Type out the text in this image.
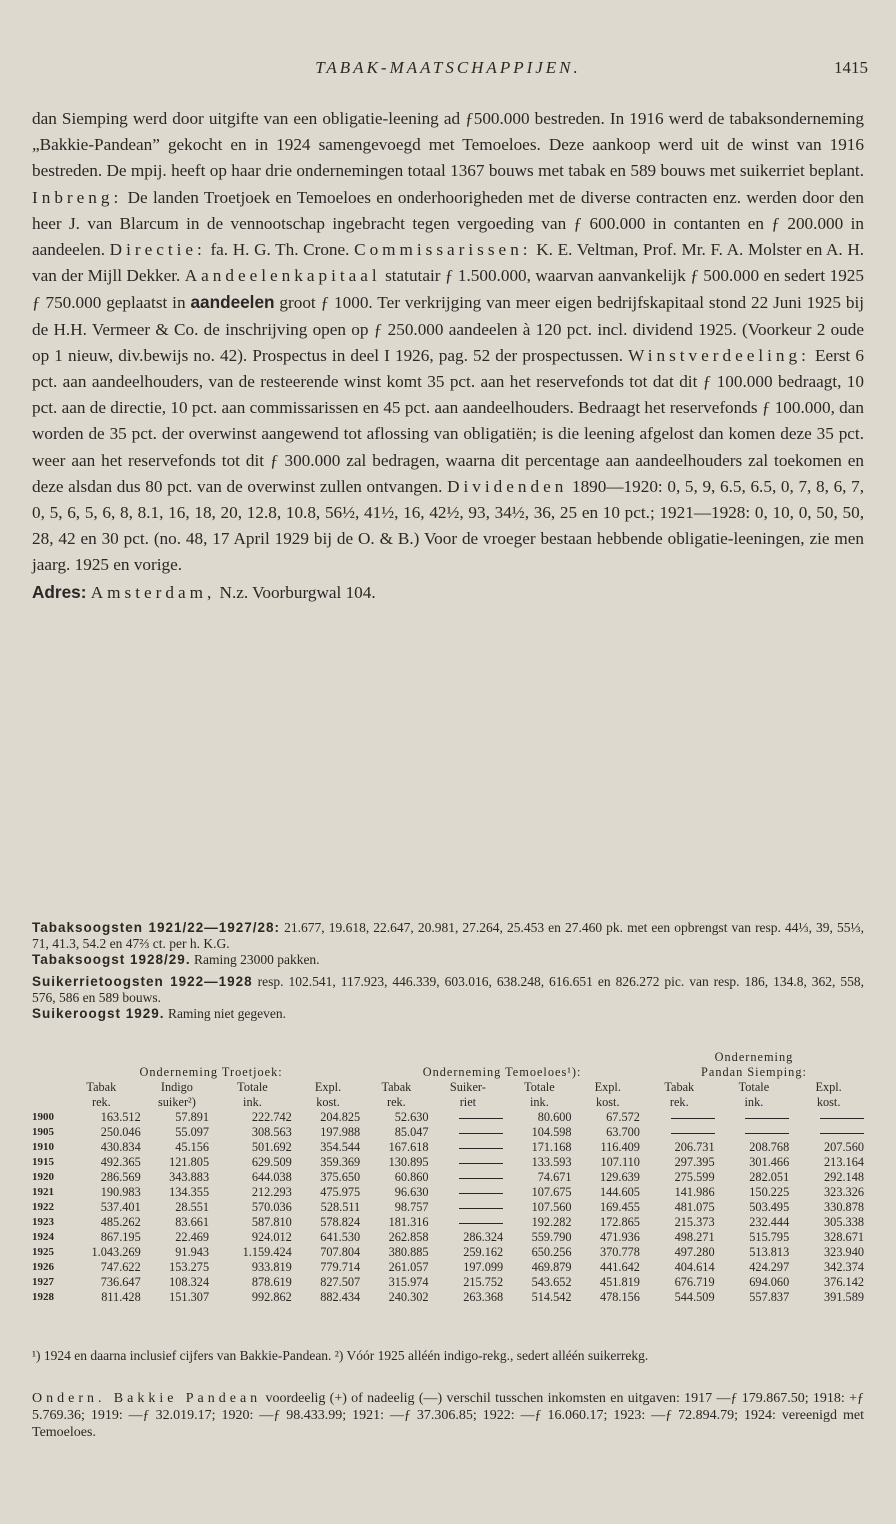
TABAK-MAATSCHAPPIJEN.	1415

dan Siemping werd door uitgifte van een obligatie-leening ad ƒ500.000 bestreden. In 1916 werd de tabaksonderneming „Bakkie-Pandean” gekocht en in 1924 samengevoegd met Temoeloes. Deze aankoop werd uit de winst van 1916 bestreden. De mpij. heeft op haar drie ondernemingen totaal 1367 bouws met tabak en 589 bouws met suikerriet beplant. Inbreng: De landen Troetjoek en Temoeloes en onderhoorigheden met de diverse contracten enz. werden door den heer J. van Blarcum in de vennootschap ingebracht tegen vergoeding van ƒ 600.000 in contanten en ƒ 200.000 in aandeelen. Directie: fa. H. G. Th. Crone. Commissarissen: K. E. Veltman, Prof. Mr. F. A. Molster en A. H. van der Mijll Dekker. Aandeelenkapitaal statutair ƒ 1.500.000, waarvan aanvankelijk ƒ 500.000 en sedert 1925 ƒ 750.000 geplaatst in aandeelen groot ƒ 1000. Ter verkrijging van meer eigen bedrijfskapitaal stond 22 Juni 1925 bij de H.H. Vermeer & Co. de inschrijving open op ƒ 250.000 aandeelen à 120 pct. incl. dividend 1925. (Voorkeur 2 oude op 1 nieuw, div.bewijs no. 42). Prospectus in deel I 1926, pag. 52 der prospectussen. Winstverdeeling: Eerst 6 pct. aan aandeelhouders, van de resteerende winst komt 35 pct. aan het reservefonds tot dat dit ƒ 100.000 bedraagt, 10 pct. aan de directie, 10 pct. aan commissarissen en 45 pct. aan aandeelhouders. Bedraagt het reservefonds ƒ 100.000, dan worden de 35 pct. der overwinst aangewend tot aflossing van obligatiën; is die leening afgelost dan komen deze 35 pct. weer aan het reservefonds tot dit ƒ 300.000 zal bedragen, waarna dit percentage aan aandeelhouders zal toekomen en deze alsdan dus 80 pct. van de overwinst zullen ontvangen. Dividenden 1890—1920: 0, 5, 9, 6.5, 6.5, 0, 7, 8, 6, 7, 0, 5, 6, 5, 6, 8, 8.1, 16, 18, 20, 12.8, 10.8, 56½, 41½, 16, 42½, 93, 34½, 36, 25 en 10 pct.; 1921—1928: 0, 10, 0, 50, 50, 28, 42 en 30 pct. (no. 48, 17 April 1929 bij de O. & B.) Voor de vroeger bestaan hebbende obligatie-leeningen, zie men jaarg. 1925 en vorige.

Adres: Amsterdam, N.z. Voorburgwal 104.

Tabaksoogsten 1921/22—1927/28: 21.677, 19.618, 22.647, 20.981, 27.264, 25.453 en 27.460 pk. met een opbrengst van resp. 44⅓, 39, 55⅓, 71, 41.3, 54.2 en 47⅔ ct. per h. K.G.
Tabaksoogst 1928/29. Raming 23000 pakken.

Suikerrietoogsten 1922—1928 resp. 102.541, 117.923, 446.339, 603.016, 638.248, 616.651 en 826.272 pic. van resp. 186, 134.8, 362, 558, 576, 586 en 589 bouws.
Suikeroogst 1929. Raming niet gegeven.

									Onderneming		
	Onderneming Troetjoek:				Onderneming Temoeloes¹):				Pandan Siemping:		
	Tabak	Indigo	Totale	Expl.	Tabak	Suiker-	Totale	Expl.	Tabak	Totale	Expl.
	rek.	suiker²)	ink.	kost.	rek.	riet	ink.	kost.	rek.	ink.	kost.
1900	163.512	57.891	222.742	204.825	52.630		80.600	67.572			
1905	250.046	55.097	308.563	197.988	85.047		104.598	63.700			
1910	430.834	45.156	501.692	354.544	167.618		171.168	116.409	206.731	208.768	207.560
1915	492.365	121.805	629.509	359.369	130.895		133.593	107.110	297.395	301.466	213.164
1920	286.569	343.883	644.038	375.650	60.860		74.671	129.639	275.599	282.051	292.148
1921	190.983	134.355	212.293	475.975	96.630		107.675	144.605	141.986	150.225	323.326
1922	537.401	28.551	570.036	528.511	98.757		107.560	169.455	481.075	503.495	330.878
1923	485.262	83.661	587.810	578.824	181.316		192.282	172.865	215.373	232.444	305.338
1924	867.195	22.469	924.012	641.530	262.858	286.324	559.790	471.936	498.271	515.795	328.671
1925	1.043.269	91.943	1.159.424	707.804	380.885	259.162	650.256	370.778	497.280	513.813	323.940
1926	747.622	153.275	933.819	779.714	261.057	197.099	469.879	441.642	404.614	424.297	342.374
1927	736.647	108.324	878.619	827.507	315.974	215.752	543.652	451.819	676.719	694.060	376.142
1928	811.428	151.307	992.862	882.434	240.302	263.368	514.542	478.156	544.509	557.837	391.589
¹) 1924 en daarna inclusief cijfers van Bakkie-Pandean. ²) Vóór 1925 alléén indigo-rekg., sedert alléén suikerrekg.
Ondern. Bakkie Pandean voordeelig (+) of nadeelig (—) verschil tusschen inkomsten en uitgaven: 1917 —ƒ 179.867.50; 1918: +ƒ 5.769.36; 1919: —ƒ 32.019.17; 1920: —ƒ 98.433.99; 1921: —ƒ 37.306.85; 1922: —ƒ 16.060.17; 1923: —ƒ 72.894.79; 1924: vereenigd met Temoeloes.
